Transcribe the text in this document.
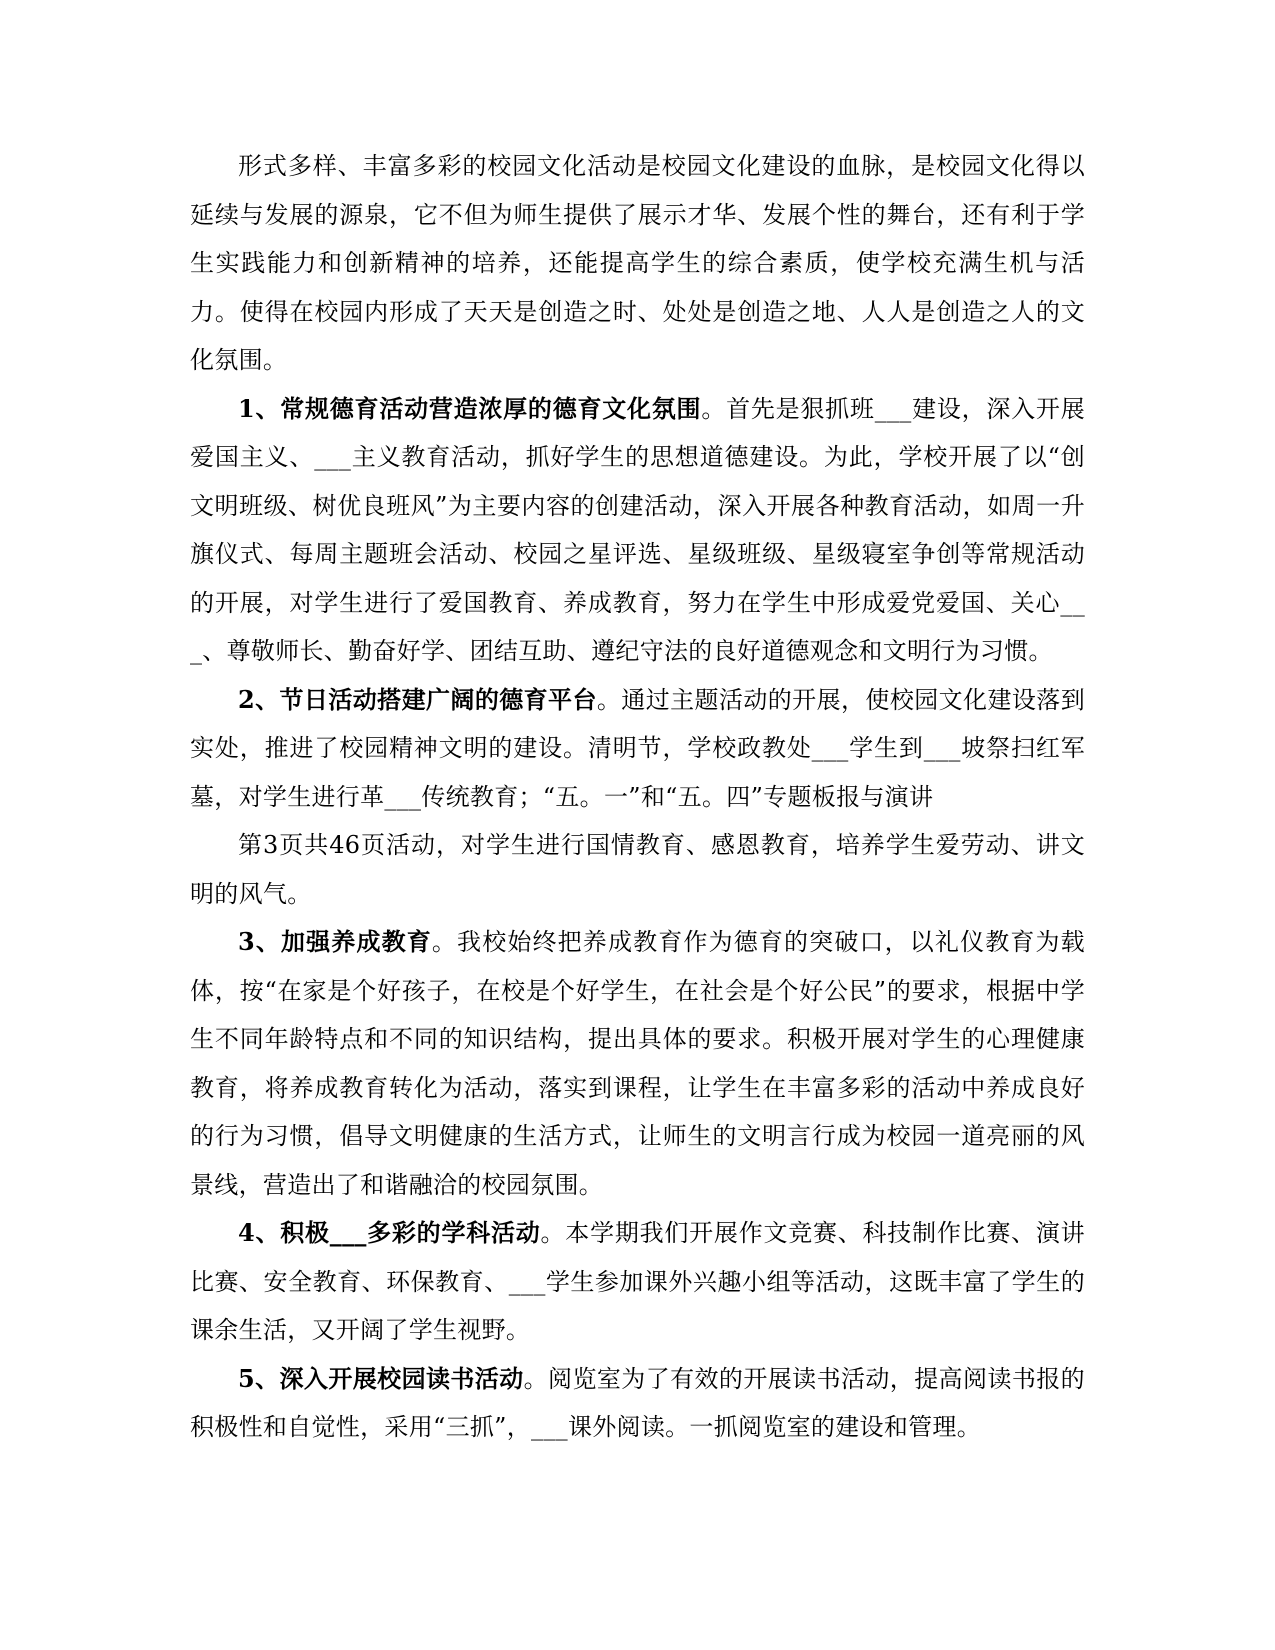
形式多样、丰富多彩的校园文化活动是校园文化建设的血脉，是校园文化得以延续与发展的源泉，它不但为师生提供了展示才华、发展个性的舞台，还有利于学生实践能力和创新精神的培养，还能提高学生的综合素质，使学校充满生机与活力。使得在校园内形成了天天是创造之时、处处是创造之地、人人是创造之人的文化氛围。

1、常规德育活动营造浓厚的德育文化氛围。首先是狠抓班___建设，深入开展爱国主义、___主义教育活动，抓好学生的思想道德建设。为此，学校开展了以“创文明班级、树优良班风”为主要内容的创建活动，深入开展各种教育活动，如周一升旗仪式、每周主题班会活动、校园之星评选、星级班级、星级寝室争创等常规活动的开展，对学生进行了爱国教育、养成教育，努力在学生中形成爱党爱国、关心___、尊敬师长、勤奋好学、团结互助、遵纪守法的良好道德观念和文明行为习惯。

2、节日活动搭建广阔的德育平台。通过主题活动的开展，使校园文化建设落到实处，推进了校园精神文明的建设。清明节，学校政教处___学生到___坡祭扫红军墓，对学生进行革___传统教育；“五。一”和“五。四”专题板报与演讲

第3页共46页活动，对学生进行国情教育、感恩教育，培养学生爱劳动、讲文明的风气。

3、加强养成教育。我校始终把养成教育作为德育的突破口，以礼仪教育为载体，按“在家是个好孩子，在校是个好学生，在社会是个好公民”的要求，根据中学生不同年龄特点和不同的知识结构，提出具体的要求。积极开展对学生的心理健康教育，将养成教育转化为活动，落实到课程，让学生在丰富多彩的活动中养成良好的行为习惯，倡导文明健康的生活方式，让师生的文明言行成为校园一道亮丽的风景线，营造出了和谐融洽的校园氛围。

4、积极___多彩的学科活动。本学期我们开展作文竞赛、科技制作比赛、演讲比赛、安全教育、环保教育、___学生参加课外兴趣小组等活动，这既丰富了学生的课余生活，又开阔了学生视野。

5、深入开展校园读书活动。阅览室为了有效的开展读书活动，提高阅读书报的积极性和自觉性，采用“三抓”，___课外阅读。一抓阅览室的建设和管理。
